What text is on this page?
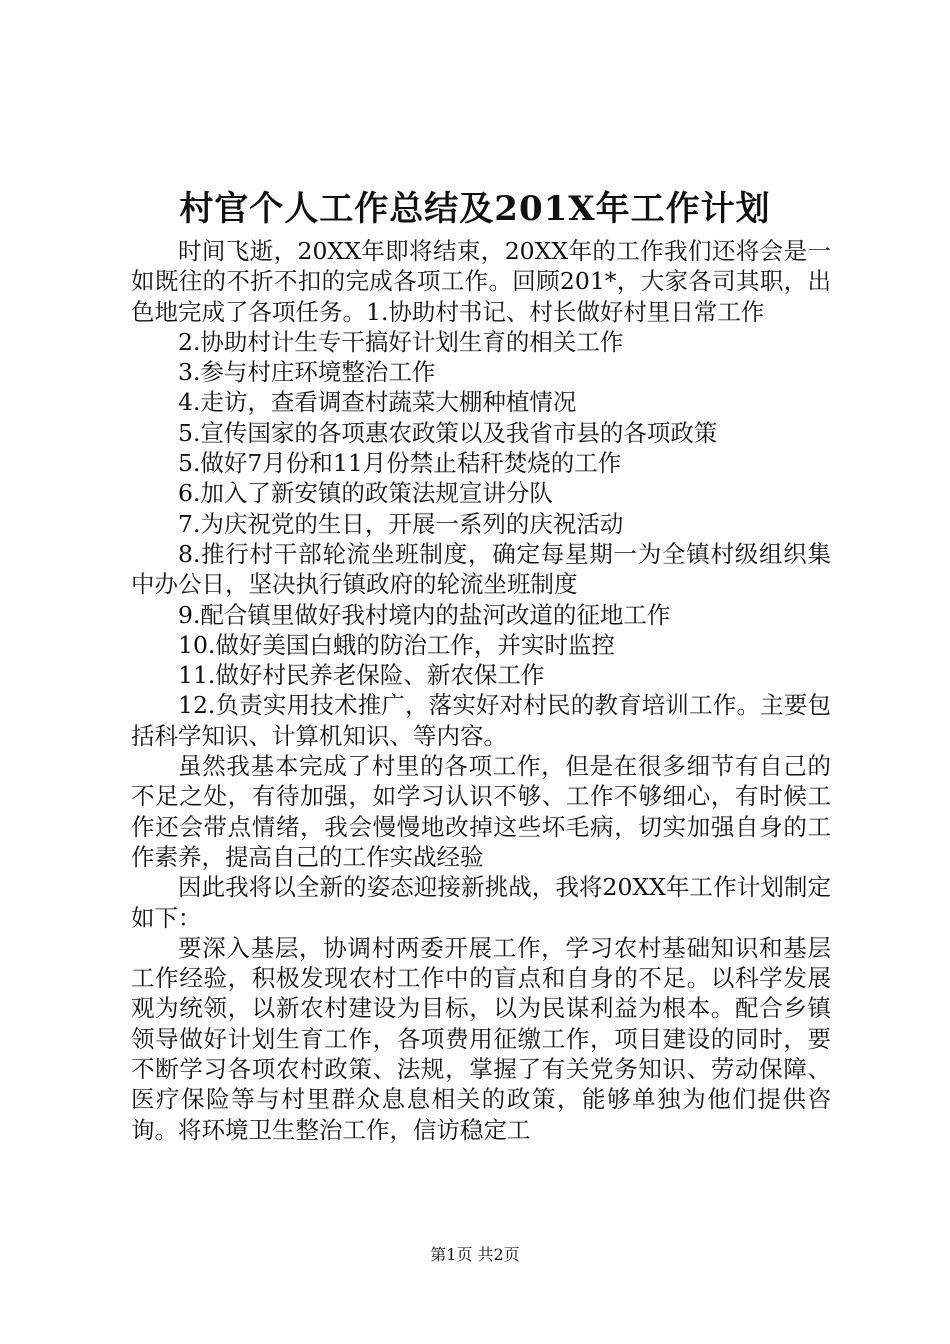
村官个人工作总结及201X年工作计划

时间飞逝，20XX年即将结束，20XX年的工作我们还将会是一如既往的不折不扣的完成各项工作。回顾201*，大家各司其职，出色地完成了各项任务。1.协助村书记、村长做好村里日常工作

2.协助村计生专干搞好计划生育的相关工作

3.参与村庄环境整治工作

4.走访，查看调查村蔬菜大棚种植情况

5.宣传国家的各项惠农政策以及我省市县的各项政策

5.做好7月份和11月份禁止秸秆焚烧的工作

6.加入了新安镇的政策法规宣讲分队

7.为庆祝党的生日，开展一系列的庆祝活动

8.推行村干部轮流坐班制度，确定每星期一为全镇村级组织集中办公日，坚决执行镇政府的轮流坐班制度

9.配合镇里做好我村境内的盐河改道的征地工作

10.做好美国白蛾的防治工作，并实时监控

11.做好村民养老保险、新农保工作

12.负责实用技术推广，落实好对村民的教育培训工作。主要包括科学知识、计算机知识、等内容。

虽然我基本完成了村里的各项工作，但是在很多细节有自己的不足之处，有待加强，如学习认识不够、工作不够细心，有时候工作还会带点情绪，我会慢慢地改掉这些坏毛病，切实加强自身的工作素养，提高自己的工作实战经验

因此我将以全新的姿态迎接新挑战，我将20XX年工作计划制定如下：

要深入基层，协调村两委开展工作，学习农村基础知识和基层工作经验，积极发现农村工作中的盲点和自身的不足。以科学发展观为统领，以新农村建设为目标，以为民谋利益为根本。配合乡镇领导做好计划生育工作，各项费用征缴工作，项目建设的同时，要不断学习各项农村政策、法规，掌握了有关党务知识、劳动保障、医疗保险等与村里群众息息相关的政策，能够单独为他们提供咨询。将环境卫生整治工作，信访稳定工

第1页 共2页
